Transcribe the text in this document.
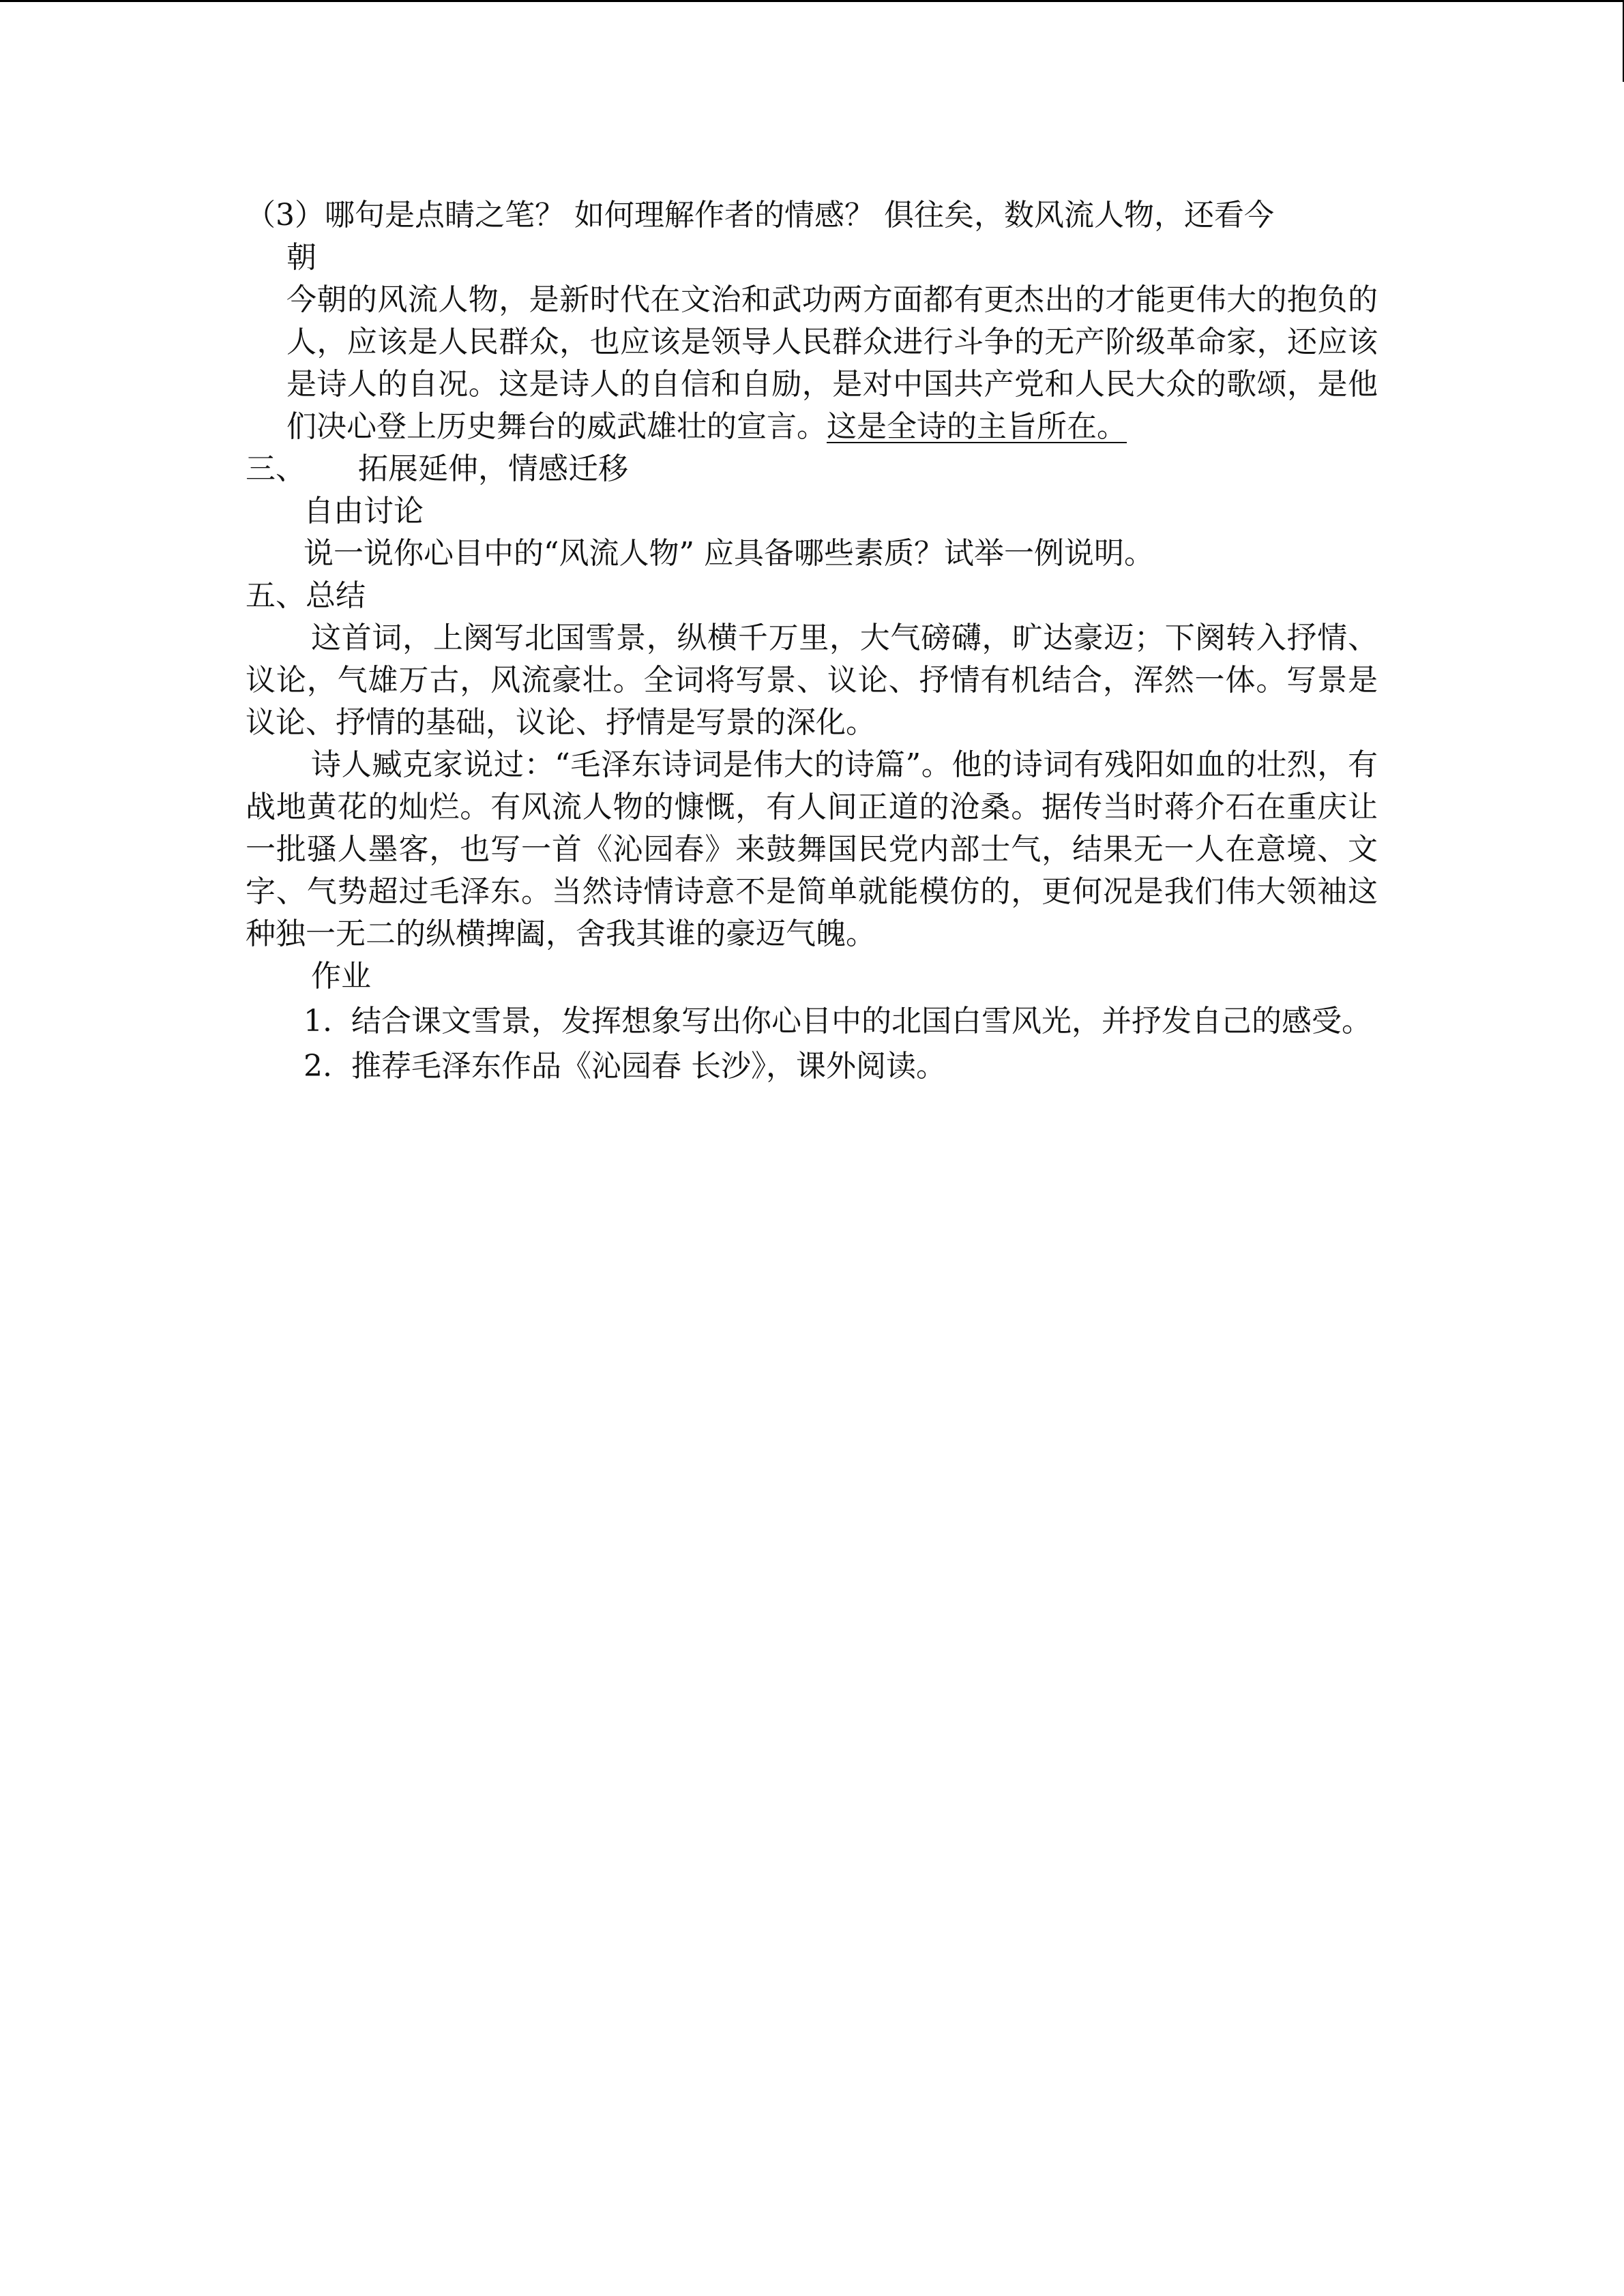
（3）哪句是点睛之笔？ 如何理解作者的情感？ 俱往矣，数风流人物，还看今
朝
今朝的风流人物，是新时代在文治和武功两方面都有更杰出的才能更伟大的抱负的人，应该是人民群众，也应该是领导人民群众进行斗争的无产阶级革命家，还应该是诗人的自况。这是诗人的自信和自励，是对中国共产党和人民大众的歌颂，是他们决心登上历史舞台的威武雄壮的宣言。这是全诗的主旨所在。
三、	拓展延伸，情感迁移
自由讨论
说一说你心目中的“风流人物” 应具备哪些素质？试举一例说明。
五、总结
这首词，上阕写北国雪景，纵横千万里，大气磅礴，旷达豪迈；下阕转入抒情、议论，气雄万古，风流豪壮。全词将写景、议论、抒情有机结合，浑然一体。写景是议论、抒情的基础，议论、抒情是写景的深化。
诗人臧克家说过：“毛泽东诗词是伟大的诗篇”。他的诗词有残阳如血的壮烈，有战地黄花的灿烂。有风流人物的慷慨，有人间正道的沧桑。据传当时蒋介石在重庆让一批骚人墨客，也写一首《沁园春》来鼓舞国民党内部士气，结果无一人在意境、文字、气势超过毛泽东。当然诗情诗意不是简单就能模仿的，更何况是我们伟大领袖这种独一无二的纵横捭阖，舍我其谁的豪迈气魄。
作业
1. 结合课文雪景，发挥想象写出你心目中的北国白雪风光，并抒发自己的感受。
2. 推荐毛泽东作品《沁园春 长沙》，课外阅读。
